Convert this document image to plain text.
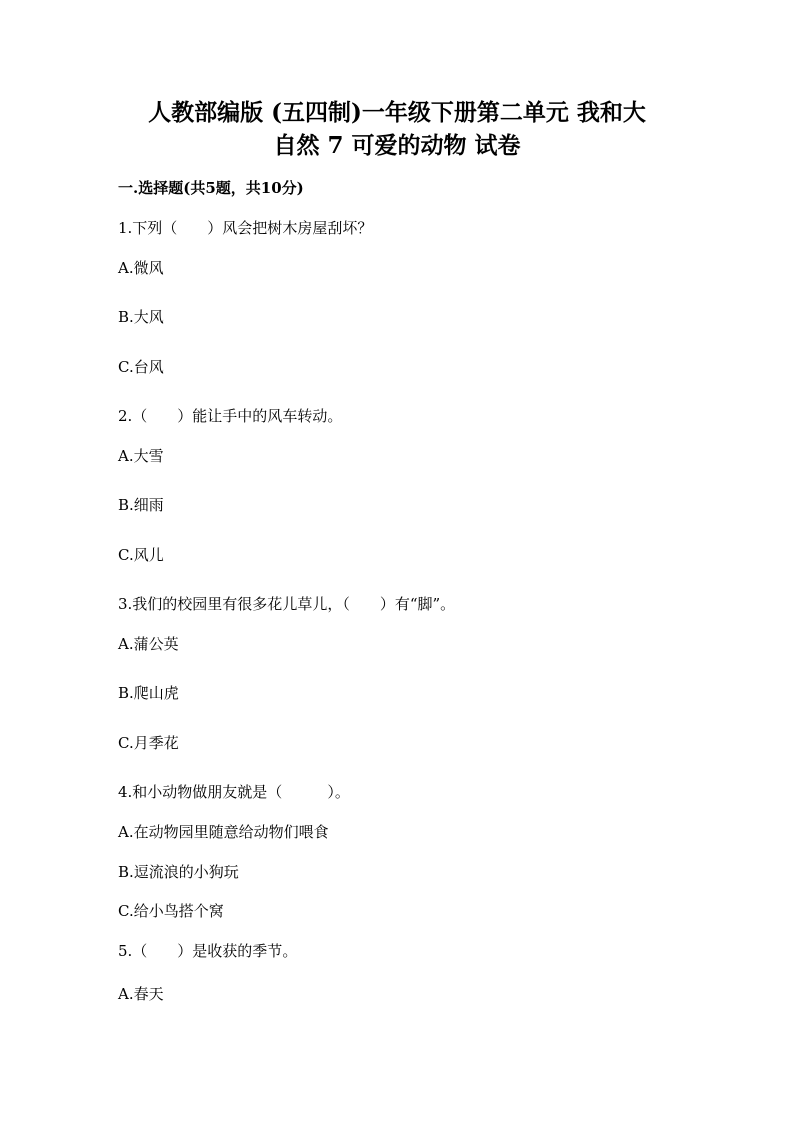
人教部编版 (五四制)一年级下册第二单元 我和大
自然 7 可爱的动物 试卷
一.选择题(共5题，共10分)
1.下列（　　）风会把树木房屋刮坏？
A.微风
B.大风
C.台风
2.（　　）能让手中的风车转动。
A.大雪
B.细雨
C.风儿
3.我们的校园里有很多花儿草儿，（　　）有“脚”。
A.蒲公英
B.爬山虎
C.月季花
4.和小动物做朋友就是（　　　）。
A.在动物园里随意给动物们喂食
B.逗流浪的小狗玩
C.给小鸟搭个窝
5.（　　）是收获的季节。
A.春天
